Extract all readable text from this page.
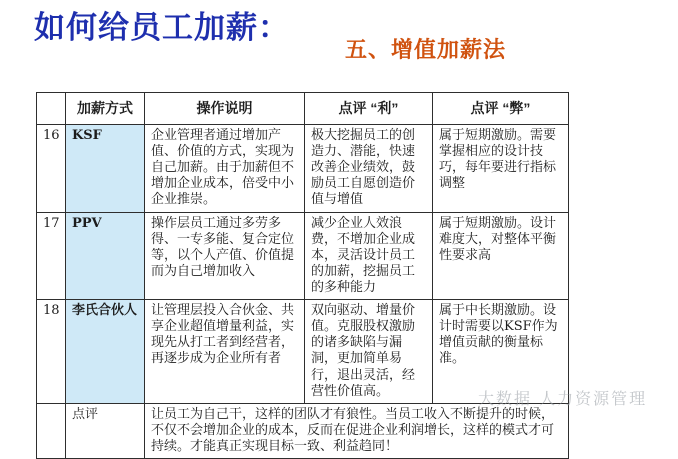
如何给员工加薪：
五、增值加薪法
	加薪方式	操作说明	点评 “利”	点评 “弊”
16	KSF	企业管理者通过增加产值、价值的方式，实现为自己加薪。由于加薪但不增加企业成本，倍受中小企业推崇。	极大挖掘员工的创造力、潜能，快速改善企业绩效，鼓励员工自愿创造价值与增值	属于短期激励。需要掌握相应的设计技巧，每年要进行指标调整
17	PPV	操作层员工通过多劳多得、一专多能、复合定位等，以个人产值、价值提而为自己增加收入	减少企业人效浪费，不增加企业成本，灵活设计员工的加薪，挖掘员工的多种能力	属于短期激励。设计难度大，对整体平衡性要求高
18	李氏合伙人	让管理层投入合伙金、共享企业超值增量利益，实现先从打工者到经营者，再逐步成为企业所有者	双向驱动、增量价值。克服股权激励的诸多缺陷与漏洞，更加简单易行，退出灵活，经营性价值高。	属于中长期激励。设计时需要以KSF作为增值贡献的衡量标准。
	点评	让员工为自己干，这样的团队才有狼性。当员工收入不断提升的时候，不仅不会增加企业的成本，反而在促进企业利润增长，这样的模式才可持续。才能真正实现目标一致、利益趋同！		
大数据 人力资源管理
